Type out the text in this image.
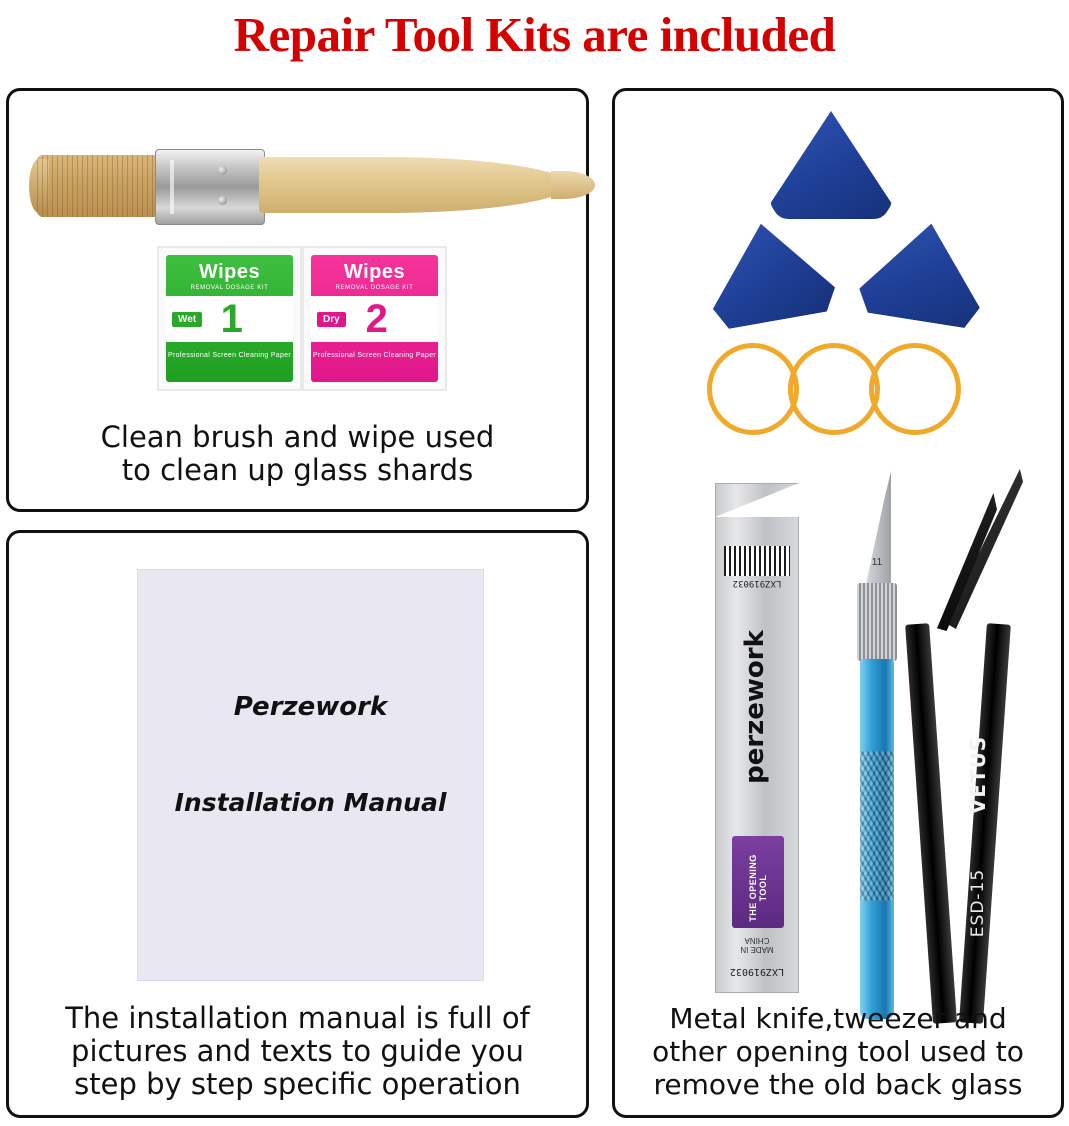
Repair Tool Kits are included
Wipes
REMOVAL DOSAGE KIT
Wet 1
Professional Screen Cleaning Paper
Wipes
REMOVAL DOSAGE KIT
Dry 2
Professional Screen Cleaning Paper
Clean brush and wipe used
to clean up glass shards
Perzework
Installation Manual
The installation manual is full of
pictures and texts to guide you
step by step specific operation
LXZ919032
perzework
THE OPENING TOOL
MADE IN CHINA
LXZ919032
11
VETUS
ESD-15
Metal knife,tweezer and
other opening tool used to
remove the old back glass
